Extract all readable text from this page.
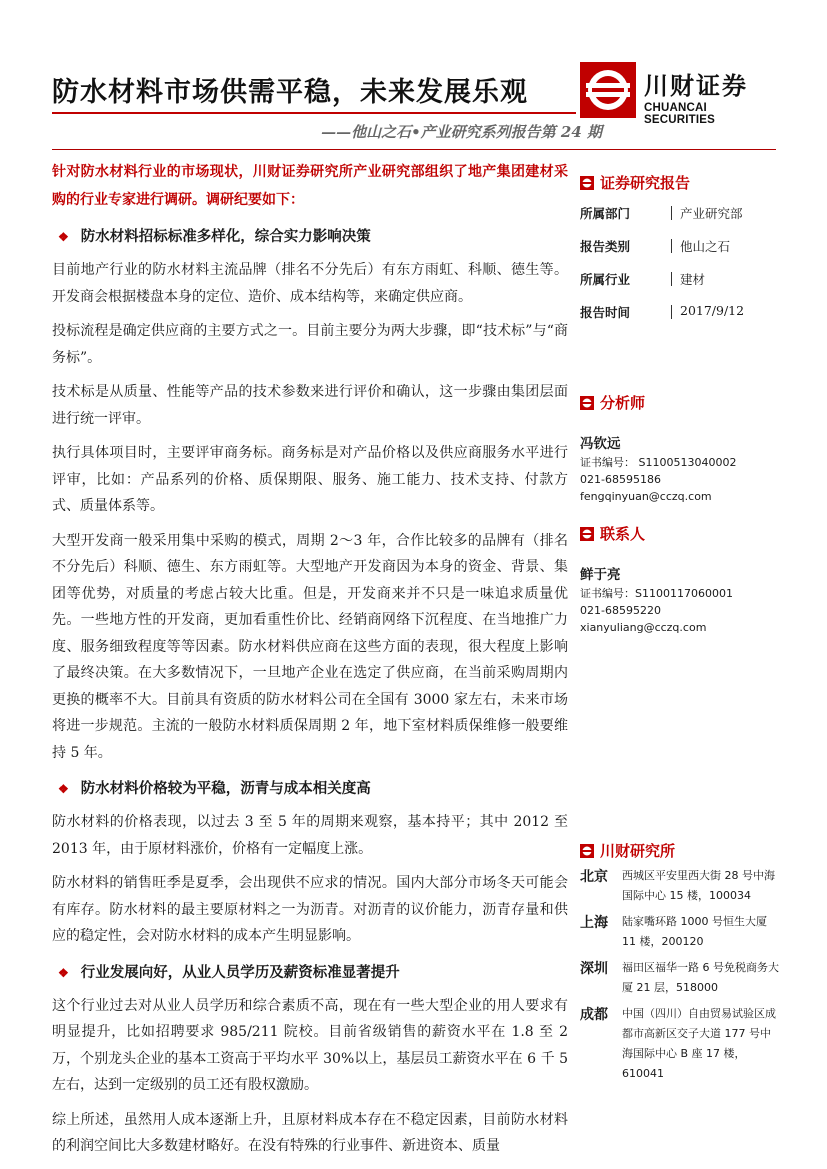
防水材料市场供需平稳，未来发展乐观	川财证券
CHUANCAI SECURITIES
——他山之石•产业研究系列报告第 24 期

针对防水材料行业的市场现状，川财证券研究所产业研究部组织了地产集团建材采购的行业专家进行调研。调研纪要如下：

❖ 防水材料招标标准多样化，综合实力影响决策

目前地产行业的防水材料主流品牌（排名不分先后）有东方雨虹、科顺、德生等。开发商会根据楼盘本身的定位、造价、成本结构等，来确定供应商。

投标流程是确定供应商的主要方式之一。目前主要分为两大步骤，即“技术标”与“商务标”。

技术标是从质量、性能等产品的技术参数来进行评价和确认，这一步骤由集团层面进行统一评审。

执行具体项目时，主要评审商务标。商务标是对产品价格以及供应商服务水平进行评审，比如：产品系列的价格、质保期限、服务、施工能力、技术支持、付款方式、质量体系等。

大型开发商一般采用集中采购的模式，周期 2～3 年，合作比较多的品牌有（排名不分先后）科顺、德生、东方雨虹等。大型地产开发商因为本身的资金、背景、集团等优势，对质量的考虑占较大比重。但是，开发商来并不只是一味追求质量优先。一些地方性的开发商，更加看重性价比、经销商网络下沉程度、在当地推广力度、服务细致程度等等因素。防水材料供应商在这些方面的表现，很大程度上影响了最终决策。在大多数情况下，一旦地产企业在选定了供应商，在当前采购周期内更换的概率不大。目前具有资质的防水材料公司在全国有 3000 家左右，未来市场将进一步规范。主流的一般防水材料质保周期 2 年，地下室材料质保维修一般要维持 5 年。

❖ 防水材料价格较为平稳，沥青与成本相关度高

防水材料的价格表现，以过去 3 至 5 年的周期来观察，基本持平；其中 2012 至 2013 年，由于原材料涨价，价格有一定幅度上涨。

防水材料的销售旺季是夏季，会出现供不应求的情况。国内大部分市场冬天可能会有库存。防水材料的最主要原材料之一为沥青。对沥青的议价能力，沥青存量和供应的稳定性，会对防水材料的成本产生明显影响。

❖ 行业发展向好，从业人员学历及薪资标准显著提升

这个行业过去对从业人员学历和综合素质不高，现在有一些大型企业的用人要求有明显提升，比如招聘要求 985/211 院校。目前省级销售的薪资水平在 1.8 至 2 万，个别龙头企业的基本工资高于平均水平 30%以上，基层员工薪资水平在 6 千 5 左右，达到一定级别的员工还有股权激励。

综上所述，虽然用人成本逐渐上升，且原材料成本存在不稳定因素，目前防水材料的利润空间比大多数建材略好。在没有特殊的行业事件、新进资本、质量

证券研究报告
所属部门	产业研究部
报告类别	他山之石
所属行业	建材
报告时间	2017/9/12
分析师
冯钦远
证书编号： S1100513040002
021-68595186
fengqinyuan@cczq.com
联系人
鲜于亮
证书编号：S1100117060001
021-68595220
xianyuliang@cczq.com
川财研究所
北京 西城区平安里西大街 28 号中海国际中心 15 楼，100034
上海 陆家嘴环路 1000 号恒生大厦 11 楼，200120
深圳 福田区福华一路 6 号免税商务大厦 21 层，518000
成都 中国（四川）自由贸易试验区成都市高新区交子大道 177 号中海国际中心 B 座 17 楼，610041
